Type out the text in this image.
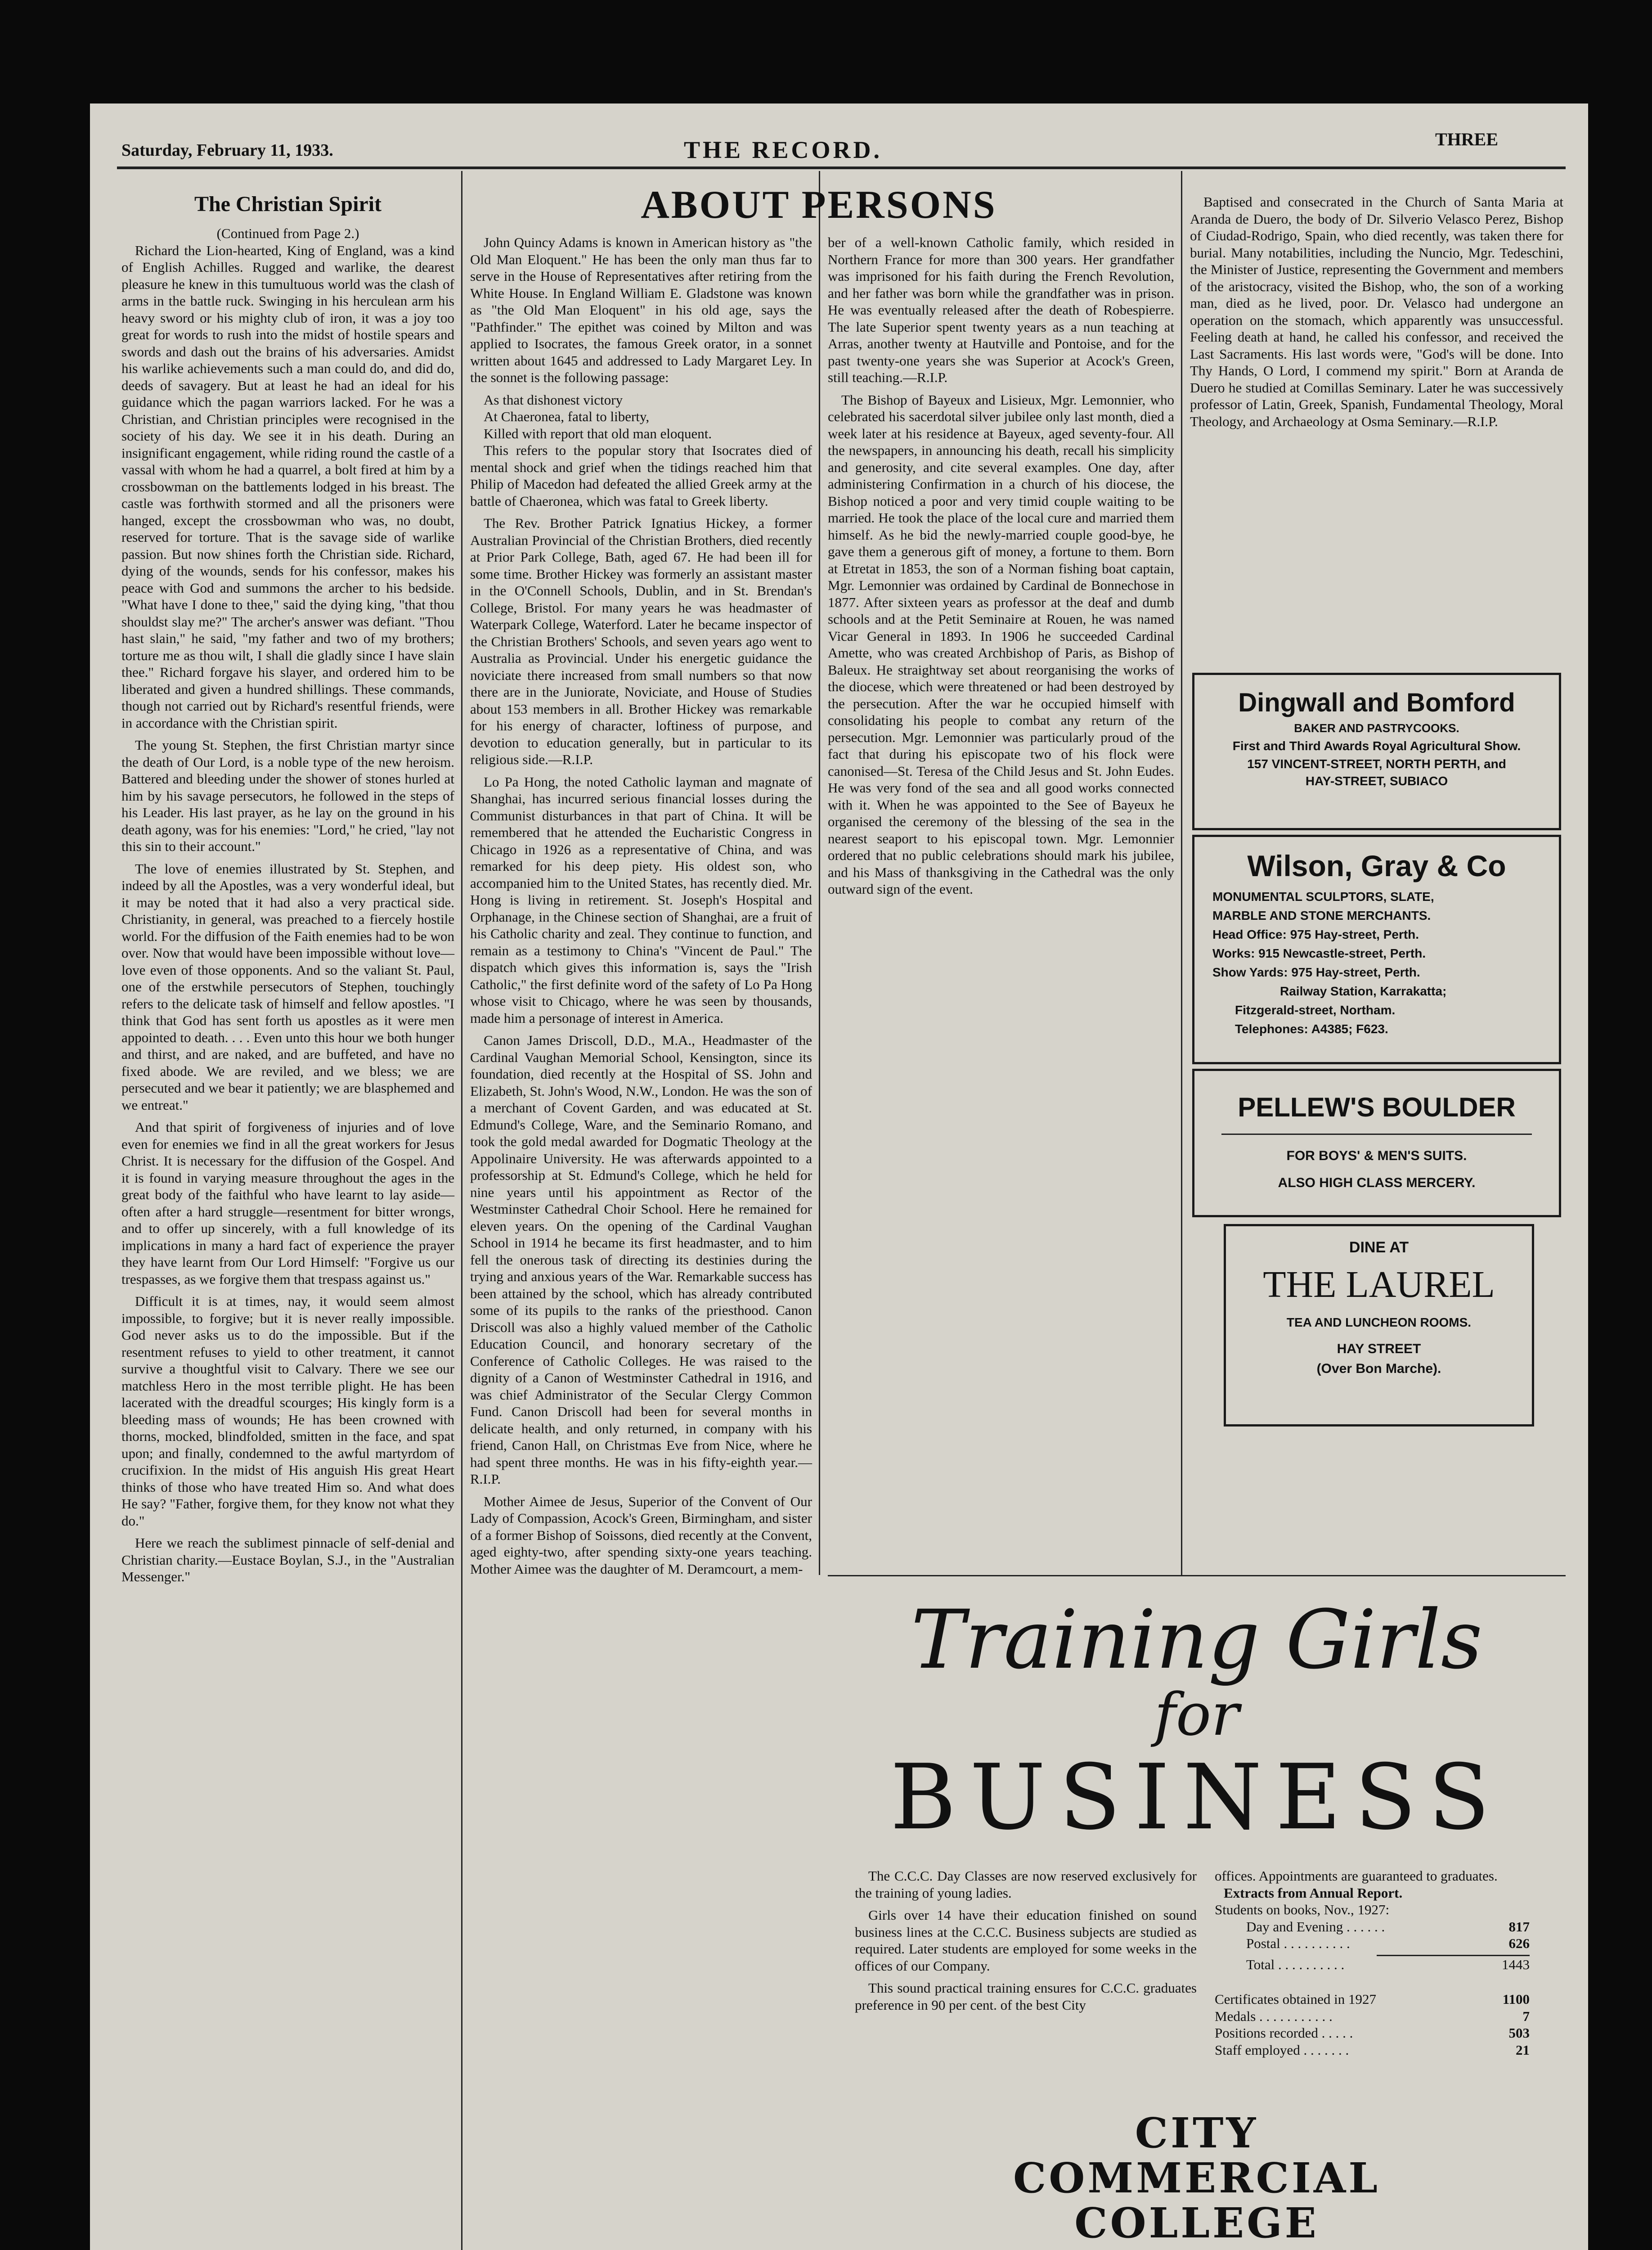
Saturday, February 11, 1933.	THE RECORD.	THREE
The Christian Spirit
(Continued from Page 2.)

Richard the Lion-hearted, King of England, was a kind of English Achilles. Rugged and warlike, the dearest pleasure he knew in this tumultuous world was the clash of arms in the battle ruck. Swinging in his herculean arm his heavy sword or his mighty club of iron, it was a joy too great for words to rush into the midst of hostile spears and swords and dash out the brains of his adversaries. Amidst his warlike achievements such a man could do, and did do, deeds of savagery. But at least he had an ideal for his guidance which the pagan warriors lacked. For he was a Christian, and Christian principles were recognised in the society of his day. We see it in his death. During an insignificant engagement, while riding round the castle of a vassal with whom he had a quarrel, a bolt fired at him by a crossbowman on the battlements lodged in his breast. The castle was forthwith stormed and all the prisoners were hanged, except the crossbowman who was, no doubt, reserved for torture. That is the savage side of warlike passion. But now shines forth the Christian side. Richard, dying of the wounds, sends for his confessor, makes his peace with God and summons the archer to his bedside. "What have I done to thee," said the dying king, "that thou shouldst slay me?" The archer's answer was defiant. "Thou hast slain," he said, "my father and two of my brothers; torture me as thou wilt, I shall die gladly since I have slain thee." Richard forgave his slayer, and ordered him to be liberated and given a hundred shillings. These commands, though not carried out by Richard's resentful friends, were in accordance with the Christian spirit.

The young St. Stephen, the first Christian martyr since the death of Our Lord, is a noble type of the new heroism. Battered and bleeding under the shower of stones hurled at him by his savage persecutors, he followed in the steps of his Leader. His last prayer, as he lay on the ground in his death agony, was for his enemies: "Lord," he cried, "lay not this sin to their account."

The love of enemies illustrated by St. Stephen, and indeed by all the Apostles, was a very wonderful ideal, but it may be noted that it had also a very practical side. Christianity, in general, was preached to a fiercely hostile world. For the diffusion of the Faith enemies had to be won over. Now that would have been impossible without love—love even of those opponents. And so the valiant St. Paul, one of the erstwhile persecutors of Stephen, touchingly refers to the delicate task of himself and fellow apostles. "I think that God has sent forth us apostles as it were men appointed to death. . . . Even unto this hour we both hunger and thirst, and are naked, and are buffeted, and have no fixed abode. We are reviled, and we bless; we are persecuted and we bear it patiently; we are blasphemed and we entreat."

And that spirit of forgiveness of injuries and of love even for enemies we find in all the great workers for Jesus Christ. It is necessary for the diffusion of the Gospel. And it is found in varying measure throughout the ages in the great body of the faithful who have learnt to lay aside—often after a hard struggle—resentment for bitter wrongs, and to offer up sincerely, with a full knowledge of its implications in many a hard fact of experience the prayer they have learnt from Our Lord Himself: "Forgive us our trespasses, as we forgive them that trespass against us."

Difficult it is at times, nay, it would seem almost impossible, to forgive; but it is never really impossible. God never asks us to do the impossible. But if the resentment refuses to yield to other treatment, it cannot survive a thoughtful visit to Calvary. There we see our matchless Hero in the most terrible plight. He has been lacerated with the dreadful scourges; His kingly form is a bleeding mass of wounds; He has been crowned with thorns, mocked, blindfolded, smitten in the face, and spat upon; and finally, condemned to the awful martyrdom of crucifixion. In the midst of His anguish His great Heart thinks of those who have treated Him so. And what does He say? "Father, forgive them, for they know not what they do."

Here we reach the sublimest pinnacle of self-denial and Christian charity.—Eustace Boylan, S.J., in the "Australian Messenger."

ABOUT PERSONS

John Quincy Adams is known in American history as "the Old Man Eloquent." He has been the only man thus far to serve in the House of Representatives after retiring from the White House. In England William E. Gladstone was known as "the Old Man Eloquent" in his old age, says the "Pathfinder." The epithet was coined by Milton and was applied to Isocrates, the famous Greek orator, in a sonnet written about 1645 and addressed to Lady Margaret Ley. In the sonnet is the following passage:

As that dishonest victory
At Chaeronea, fatal to liberty,
Killed with report that old man eloquent.

This refers to the popular story that Isocrates died of mental shock and grief when the tidings reached him that Philip of Macedon had defeated the allied Greek army at the battle of Chaeronea, which was fatal to Greek liberty.

The Rev. Brother Patrick Ignatius Hickey, a former Australian Provincial of the Christian Brothers, died recently at Prior Park College, Bath, aged 67. He had been ill for some time. Brother Hickey was formerly an assistant master in the O'Connell Schools, Dublin, and in St. Brendan's College, Bristol. For many years he was headmaster of Waterpark College, Waterford. Later he became inspector of the Christian Brothers' Schools, and seven years ago went to Australia as Provincial. Under his energetic guidance the noviciate there increased from small numbers so that now there are in the Juniorate, Noviciate, and House of Studies about 153 members in all. Brother Hickey was remarkable for his energy of character, loftiness of purpose, and devotion to education generally, but in particular to its religious side.—R.I.P.

Lo Pa Hong, the noted Catholic layman and magnate of Shanghai, has incurred serious financial losses during the Communist disturbances in that part of China. It will be remembered that he attended the Eucharistic Congress in Chicago in 1926 as a representative of China, and was remarked for his deep piety. His oldest son, who accompanied him to the United States, has recently died. Mr. Hong is living in retirement. St. Joseph's Hospital and Orphanage, in the Chinese section of Shanghai, are a fruit of his Catholic charity and zeal. They continue to function, and remain as a testimony to China's "Vincent de Paul." The dispatch which gives this information is, says the "Irish Catholic," the first definite word of the safety of Lo Pa Hong whose visit to Chicago, where he was seen by thousands, made him a personage of interest in America.

Canon James Driscoll, D.D., M.A., Headmaster of the Cardinal Vaughan Memorial School, Kensington, since its foundation, died recently at the Hospital of SS. John and Elizabeth, St. John's Wood, N.W., London. He was the son of a merchant of Covent Garden, and was educated at St. Edmund's College, Ware, and the Seminario Romano, and took the gold medal awarded for Dogmatic Theology at the Appolinaire University. He was afterwards appointed to a professorship at St. Edmund's College, which he held for nine years until his appointment as Rector of the Westminster Cathedral Choir School. Here he remained for eleven years. On the opening of the Cardinal Vaughan School in 1914 he became its first headmaster, and to him fell the onerous task of directing its destinies during the trying and anxious years of the War. Remarkable success has been attained by the school, which has already contributed some of its pupils to the ranks of the priesthood. Canon Driscoll was also a highly valued member of the Catholic Education Council, and honorary secretary of the Conference of Catholic Colleges. He was raised to the dignity of a Canon of Westminster Cathedral in 1916, and was chief Administrator of the Secular Clergy Common Fund. Canon Driscoll had been for several months in delicate health, and only returned, in company with his friend, Canon Hall, on Christmas Eve from Nice, where he had spent three months. He was in his fifty-eighth year.—R.I.P.

Mother Aimee de Jesus, Superior of the Convent of Our Lady of Compassion, Acock's Green, Birmingham, and sister of a former Bishop of Soissons, died recently at the Convent, aged eighty-two, after spending sixty-one years teaching. Mother Aimee was the daughter of M. Deramcourt, a mem-

ber of a well-known Catholic family, which resided in Northern France for more than 300 years. Her grandfather was imprisoned for his faith during the French Revolution, and her father was born while the grandfather was in prison. He was eventually released after the death of Robespierre. The late Superior spent twenty years as a nun teaching at Arras, another twenty at Hautville and Pontoise, and for the past twenty-one years she was Superior at Acock's Green, still teaching.—R.I.P.

The Bishop of Bayeux and Lisieux, Mgr. Lemonnier, who celebrated his sacerdotal silver jubilee only last month, died a week later at his residence at Bayeux, aged seventy-four. All the newspapers, in announcing his death, recall his simplicity and generosity, and cite several examples. One day, after administering Confirmation in a church of his diocese, the Bishop noticed a poor and very timid couple waiting to be married. He took the place of the local cure and married them himself. As he bid the newly-married couple good-bye, he gave them a generous gift of money, a fortune to them. Born at Etretat in 1853, the son of a Norman fishing boat captain, Mgr. Lemonnier was ordained by Cardinal de Bonnechose in 1877. After sixteen years as professor at the deaf and dumb schools and at the Petit Seminaire at Rouen, he was named Vicar General in 1893. In 1906 he succeeded Cardinal Amette, who was created Archbishop of Paris, as Bishop of Baleux. He straightway set about reorganising the works of the diocese, which were threatened or had been destroyed by the persecution. After the war he occupied himself with consolidating his people to combat any return of the persecution. Mgr. Lemonnier was particularly proud of the fact that during his episcopate two of his flock were canonised—St. Teresa of the Child Jesus and St. John Eudes. He was very fond of the sea and all good works connected with it. When he was appointed to the See of Bayeux he organised the ceremony of the blessing of the sea in the nearest seaport to his episcopal town. Mgr. Lemonnier ordered that no public celebrations should mark his jubilee, and his Mass of thanksgiving in the Cathedral was the only outward sign of the event.

Baptised and consecrated in the Church of Santa Maria at Aranda de Duero, the body of Dr. Silverio Velasco Perez, Bishop of Ciudad-Rodrigo, Spain, who died recently, was taken there for burial. Many notabilities, including the Nuncio, Mgr. Tedeschini, the Minister of Justice, representing the Government and members of the aristocracy, visited the Bishop, who, the son of a working man, died as he lived, poor. Dr. Velasco had undergone an operation on the stomach, which apparently was unsuccessful. Feeling death at hand, he called his confessor, and received the Last Sacraments. His last words were, "God's will be done. Into Thy Hands, O Lord, I commend my spirit." Born at Aranda de Duero he studied at Comillas Seminary. Later he was successively professor of Latin, Greek, Spanish, Fundamental Theology, Moral Theology, and Archaeology at Osma Seminary.—R.I.P.

Dingwall and Bomford
BAKER AND PASTRYCOOKS.
First and Third Awards Royal Agricultural Show.
157 VINCENT-STREET, NORTH PERTH, and
HAY-STREET, SUBIACO
Wilson, Gray & Co
MONUMENTAL SCULPTORS, SLATE,
MARBLE AND STONE MERCHANTS.
Head Office: 975 Hay-street, Perth.
Works: 915 Newcastle-street, Perth.
Show Yards: 975 Hay-street, Perth.
Railway Station, Karrakatta;
Fitzgerald-street, Northam.
Telephones: A4385; F623.
PELLEW'S BOULDER
FOR BOYS' & MEN'S SUITS.
ALSO HIGH CLASS MERCERY.
DINE AT
THE LAUREL
TEA AND LUNCHEON ROOMS.
HAY STREET
(Over Bon Marche).
Training Girls
for
BUSINESS

The C.C.C. Day Classes are now reserved exclusively for the training of young ladies.

Girls over 14 have their education finished on sound business lines at the C.C.C. Business subjects are studied as required. Later students are employed for some weeks in the offices of our Company.

This sound practical training ensures for C.C.C. graduates preference in 90 per cent. of the best City

offices. Appointments are guaranteed to graduates.
Extracts from Annual Report.
Students on books, Nov., 1927:
Day and Evening . . . . . .	817
Postal . . . . . . . . . .	626
Total . . . . . . . . . .	1443
Certificates obtained in 1927	1100
Medals . . . . . . . . . . .	7
Positions recorded . . . . .	503
Staff employed . . . . . . .	21
CITY
COMMERCIAL
COLLEGE
